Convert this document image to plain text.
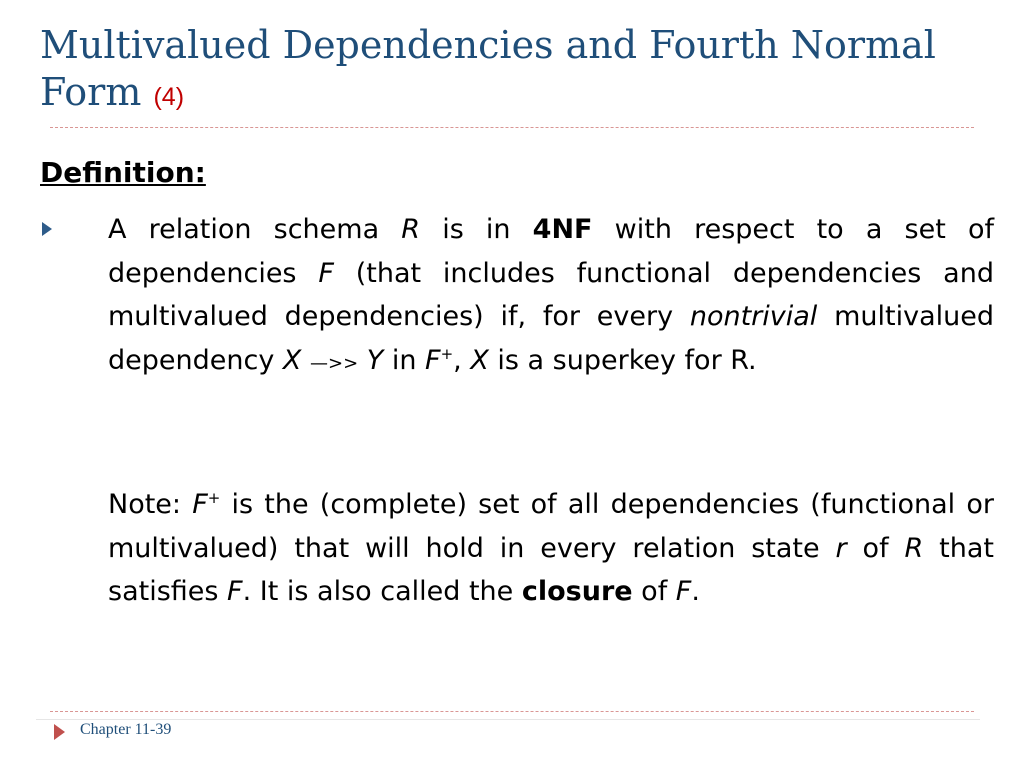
Multivalued Dependencies and Fourth Normal Form (4)
Definition:

A relation schema R is in 4NF with respect to a set of dependencies F (that includes functional dependencies and multivalued dependencies) if, for every nontrivial multivalued dependency X —>> Y in F+, X is a superkey for R.

Note: F+ is the (complete) set of all dependencies (functional or multivalued) that will hold in every relation state r of R that satisfies F. It is also called the closure of F.

Chapter 11-39
